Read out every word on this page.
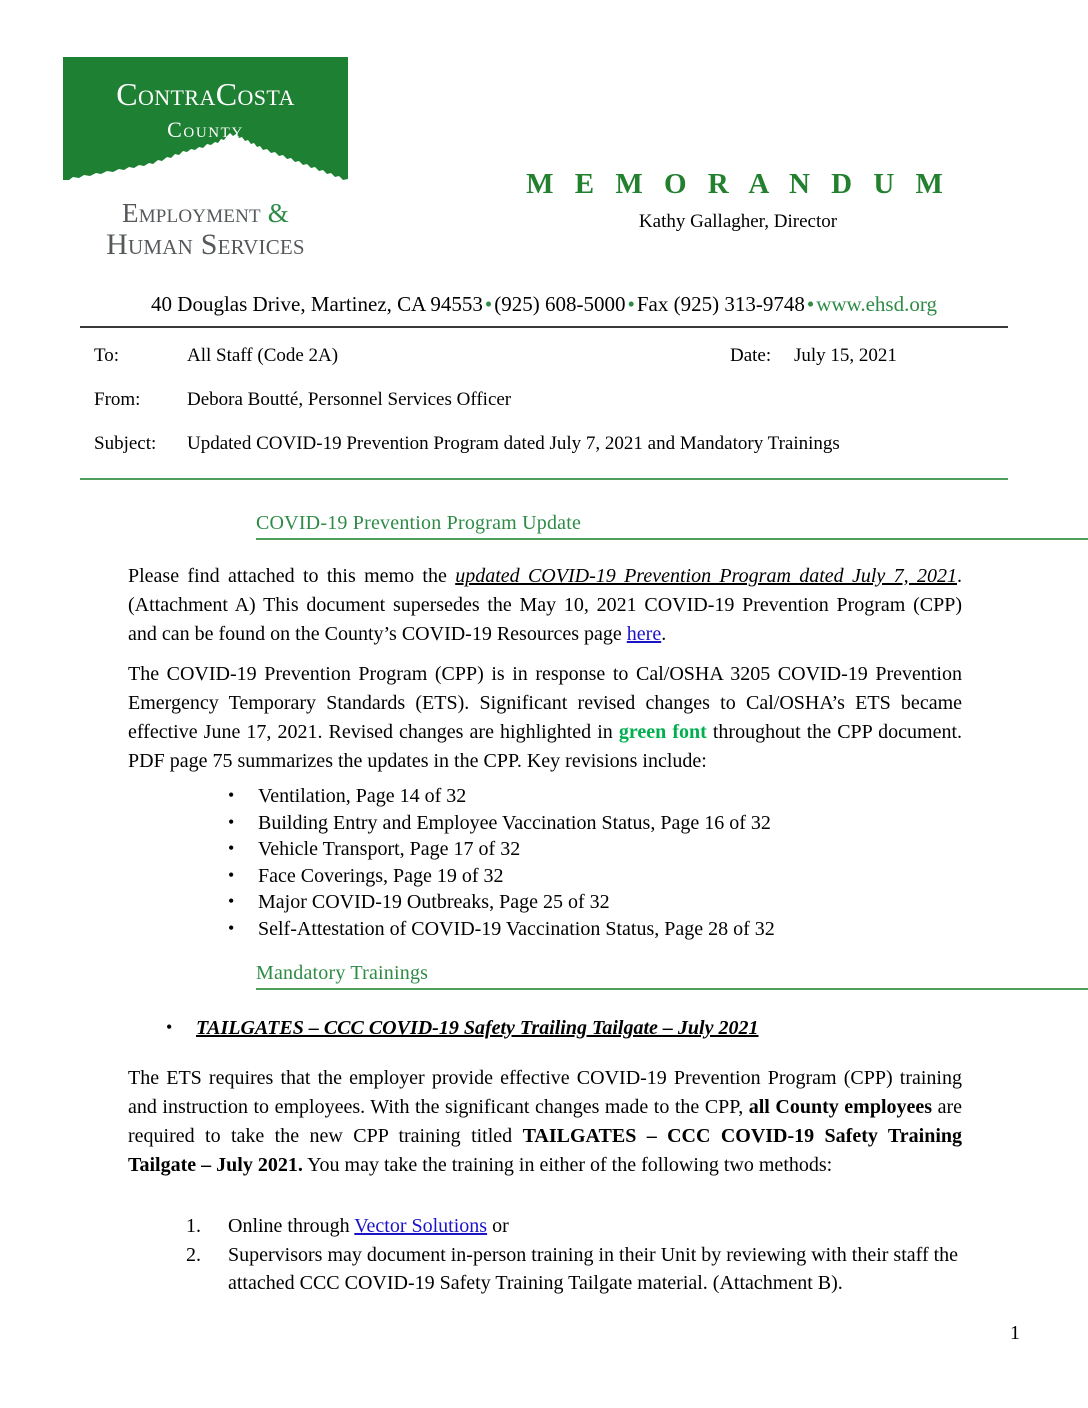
ContraCosta
County
Employment &
Human Services
M E M O R A N D U M
Kathy Gallagher, Director
40 Douglas Drive, Martinez, CA 94553•(925) 608-5000•Fax (925) 313-9748•www.ehsd.org
To:	All Staff (Code 2A)	Date: July 15, 2021
From:	Debora Boutté, Personnel Services Officer
Subject:	Updated COVID-19 Prevention Program dated July 7, 2021 and Mandatory Trainings
COVID-19 Prevention Program Update

Please find attached to this memo the updated COVID-19 Prevention Program dated July 7, 2021. (Attachment A) This document supersedes the May 10, 2021 COVID-19 Prevention Program (CPP) and can be found on the County’s COVID-19 Resources page here.

The COVID-19 Prevention Program (CPP) is in response to Cal/OSHA 3205 COVID-19 Prevention Emergency Temporary Standards (ETS). Significant revised changes to Cal/OSHA’s ETS became effective June 17, 2021. Revised changes are highlighted in green font throughout the CPP document. PDF page 75 summarizes the updates in the CPP. Key revisions include:

• Ventilation, Page 14 of 32
• Building Entry and Employee Vaccination Status, Page 16 of 32
• Vehicle Transport, Page 17 of 32
• Face Coverings, Page 19 of 32
• Major COVID-19 Outbreaks, Page 25 of 32
• Self-Attestation of COVID-19 Vaccination Status, Page 28 of 32
Mandatory Trainings
• TAILGATES – CCC COVID-19 Safety Trailing Tailgate – July 2021

The ETS requires that the employer provide effective COVID-19 Prevention Program (CPP) training and instruction to employees. With the significant changes made to the CPP, all County employees are required to take the new CPP training titled TAILGATES – CCC COVID-19 Safety Training Tailgate – July 2021. You may take the training in either of the following two methods:

1.	Online through Vector Solutions or
2.	Supervisors may document in-person training in their Unit by reviewing with their staff the attached CCC COVID-19 Safety Training Tailgate material. (Attachment B).
1
